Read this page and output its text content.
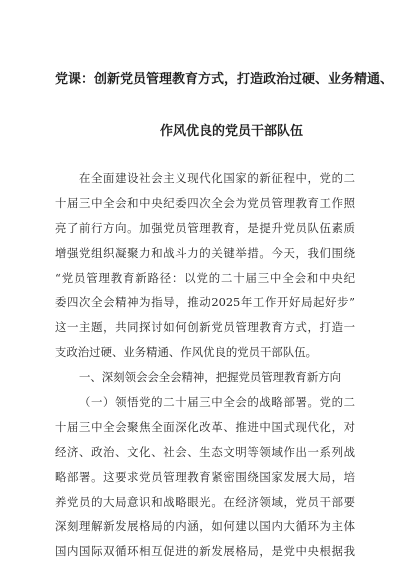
党课：创新党员管理教育方式，打造政治过硬、业务精通、
作风优良的党员干部队伍
在全面建设社会主义现代化国家的新征程中，党的二
十届三中全会和中央纪委四次全会为党员管理教育工作照
亮了前行方向。加强党员管理教育，是提升党员队伍素质
增强党组织凝聚力和战斗力的关键举措。今天，我们围绕
“党员管理教育新路径：以党的二十届三中全会和中央纪
委四次全会精神为指导，推动2025年工作开好局起好步”
这一主题，共同探讨如何创新党员管理教育方式，打造一
支政治过硬、业务精通、作风优良的党员干部队伍。
一、深刻领会会全会精神，把握党员管理教育新方向
（一）领悟党的二十届三中全会的战略部署。党的二
十届三中全会聚焦全面深化改革、推进中国式现代化，对
经济、政治、文化、社会、生态文明等领域作出一系列战
略部署。这要求党员管理教育紧密围绕国家发展大局，培
养党员的大局意识和战略眼光。在经济领域，党员干部要
深刻理解新发展格局的内涵，如何建以国内大循环为主体
国内国际双循环相互促进的新发展格局，是党中央根据我
